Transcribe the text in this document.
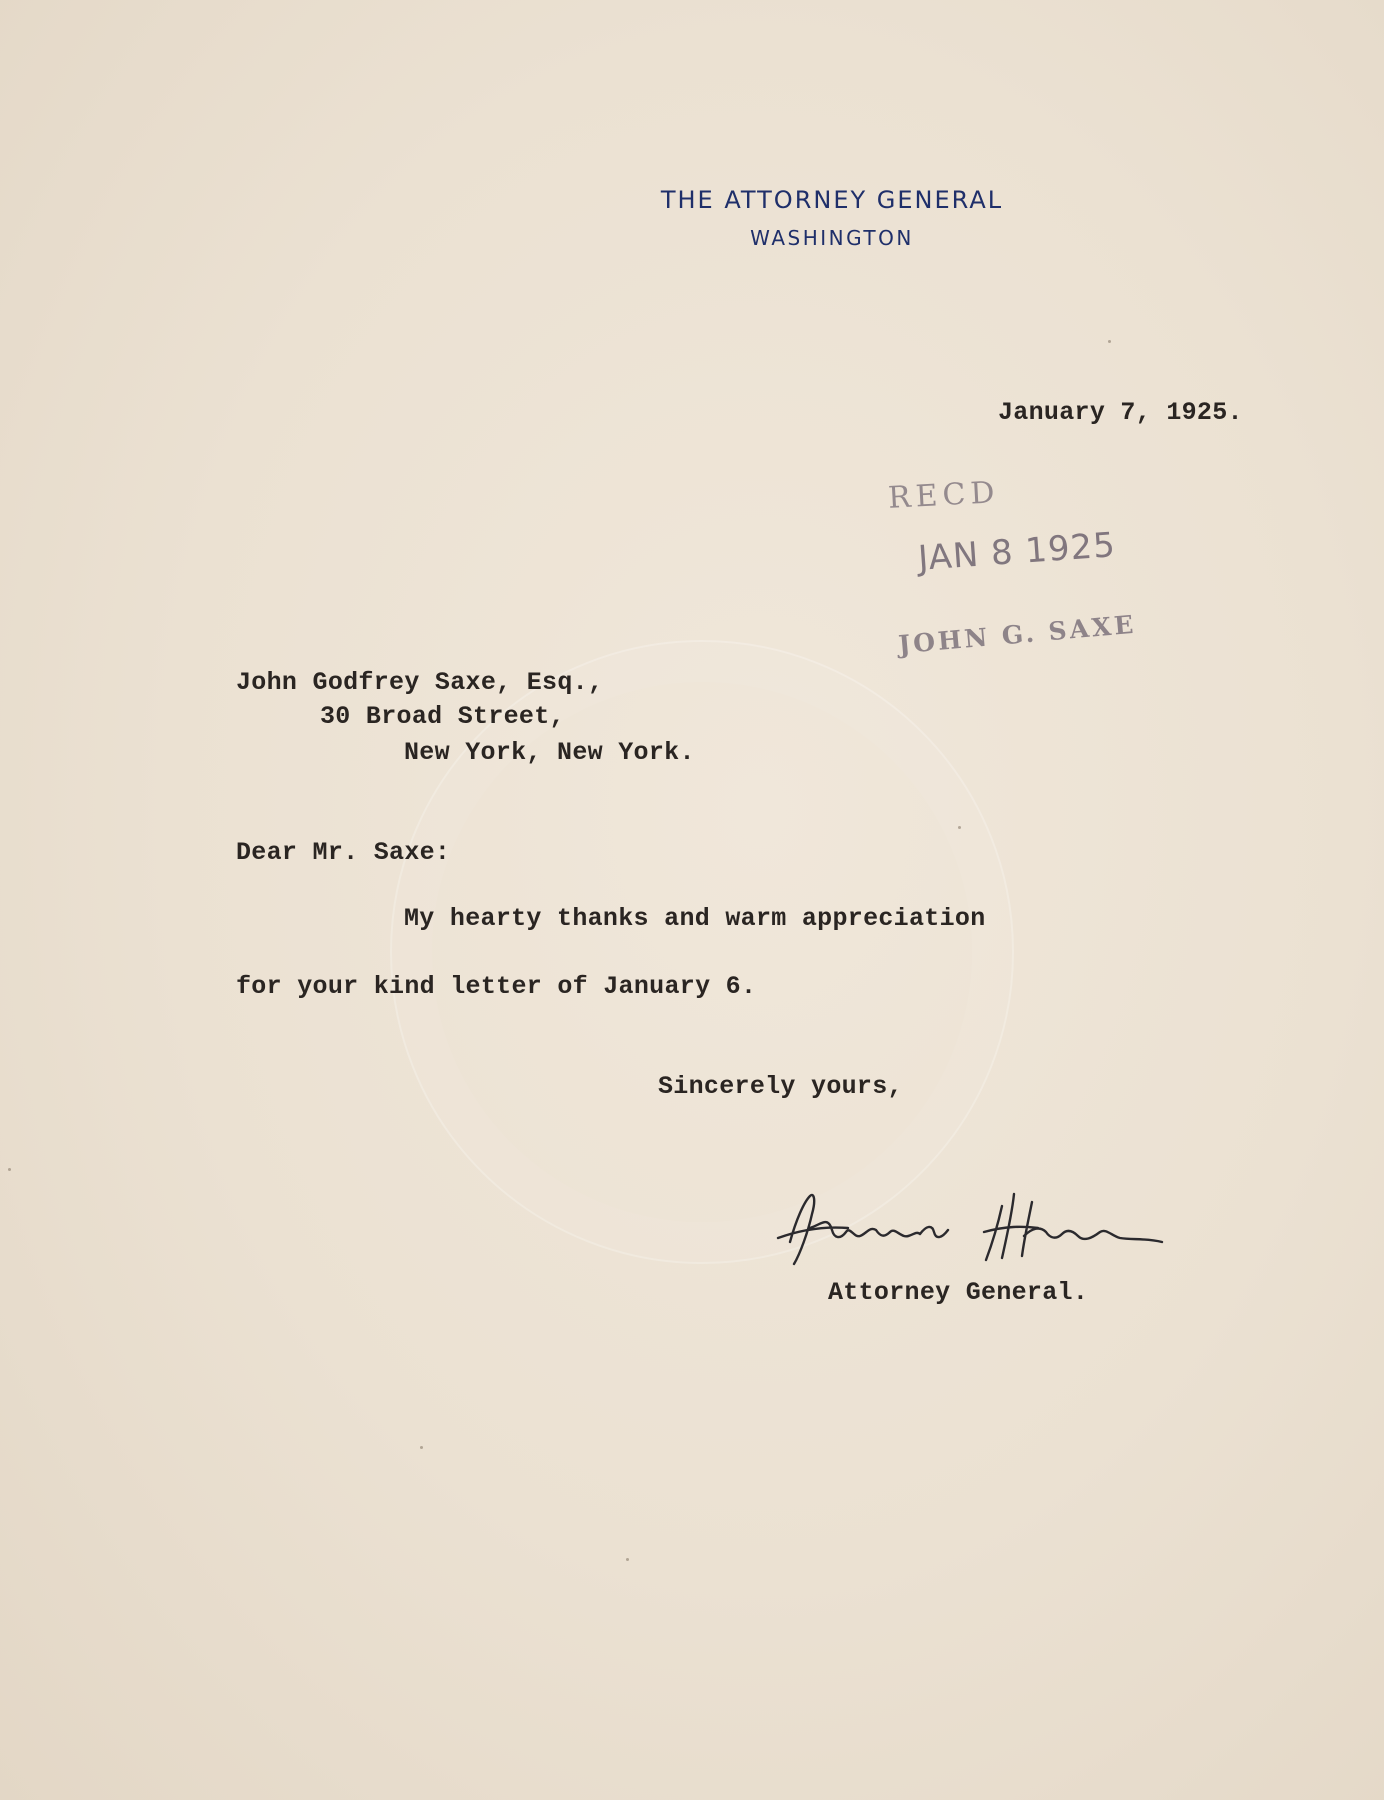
THE ATTORNEY GENERAL
WASHINGTON
January 7, 1925.
RECD
JAN 8 1925
JOHN G. SAXE
John Godfrey Saxe, Esq.,
30 Broad Street,
New York, New York.
Dear Mr. Saxe:
My hearty thanks and warm appreciation
for your kind letter of January 6.
Sincerely yours,
Attorney General.
